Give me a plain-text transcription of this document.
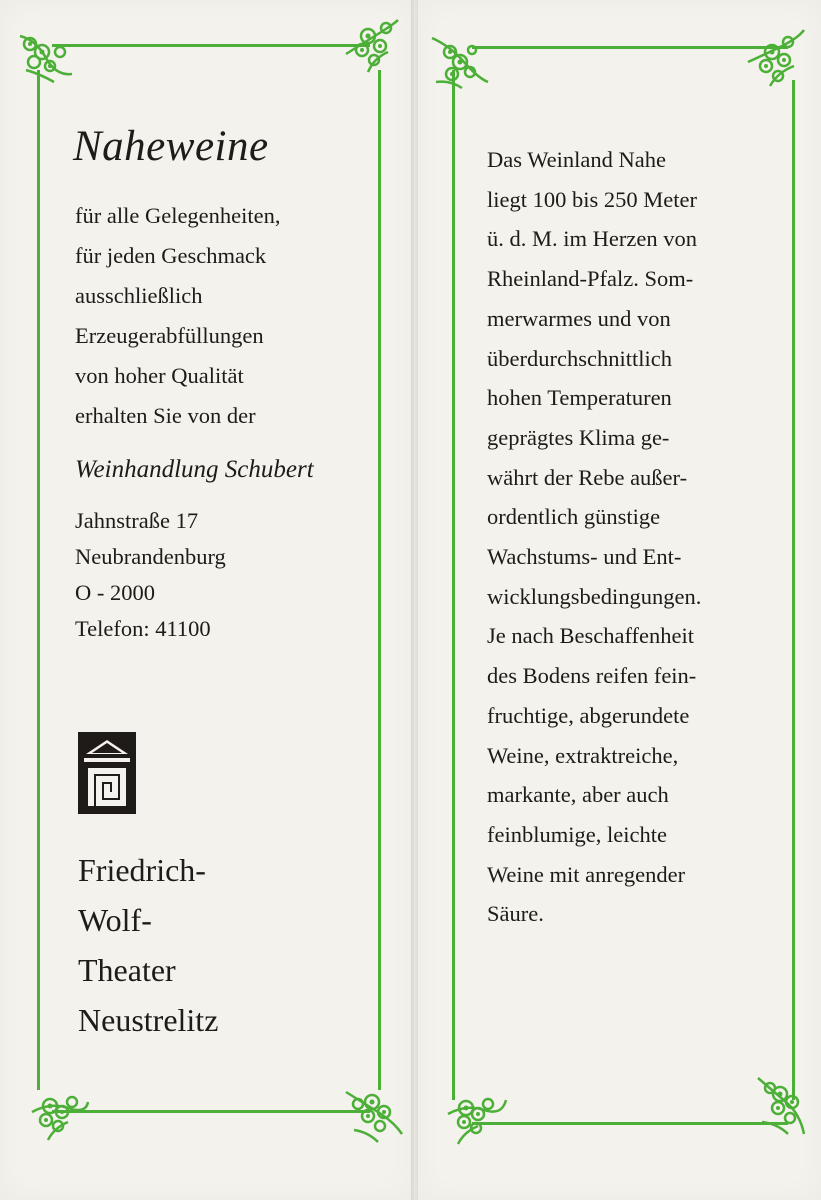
Naheweine
für alle Gelegenheiten,
für jeden Geschmack
ausschließlich
Erzeugerabfüllungen
von hoher Qualität
erhalten Sie von der
Weinhandlung Schubert
Jahnstraße 17
Neubrandenburg
O - 2000
Telefon: 41100
Friedrich-
Wolf-
Theater
Neustrelitz
Das Weinland Nahe
liegt 100 bis 250 Meter
ü. d. M. im Herzen von
Rheinland-Pfalz. Som-
merwarmes und von
überdurchschnittlich
hohen Temperaturen
geprägtes Klima ge-
währt der Rebe außer-
ordentlich günstige
Wachstums- und Ent-
wicklungsbedingungen.
Je nach Beschaffenheit
des Bodens reifen fein-
fruchtige, abgerundete
Weine, extraktreiche,
markante, aber auch
feinblumige, leichte
Weine mit anregender
Säure.
